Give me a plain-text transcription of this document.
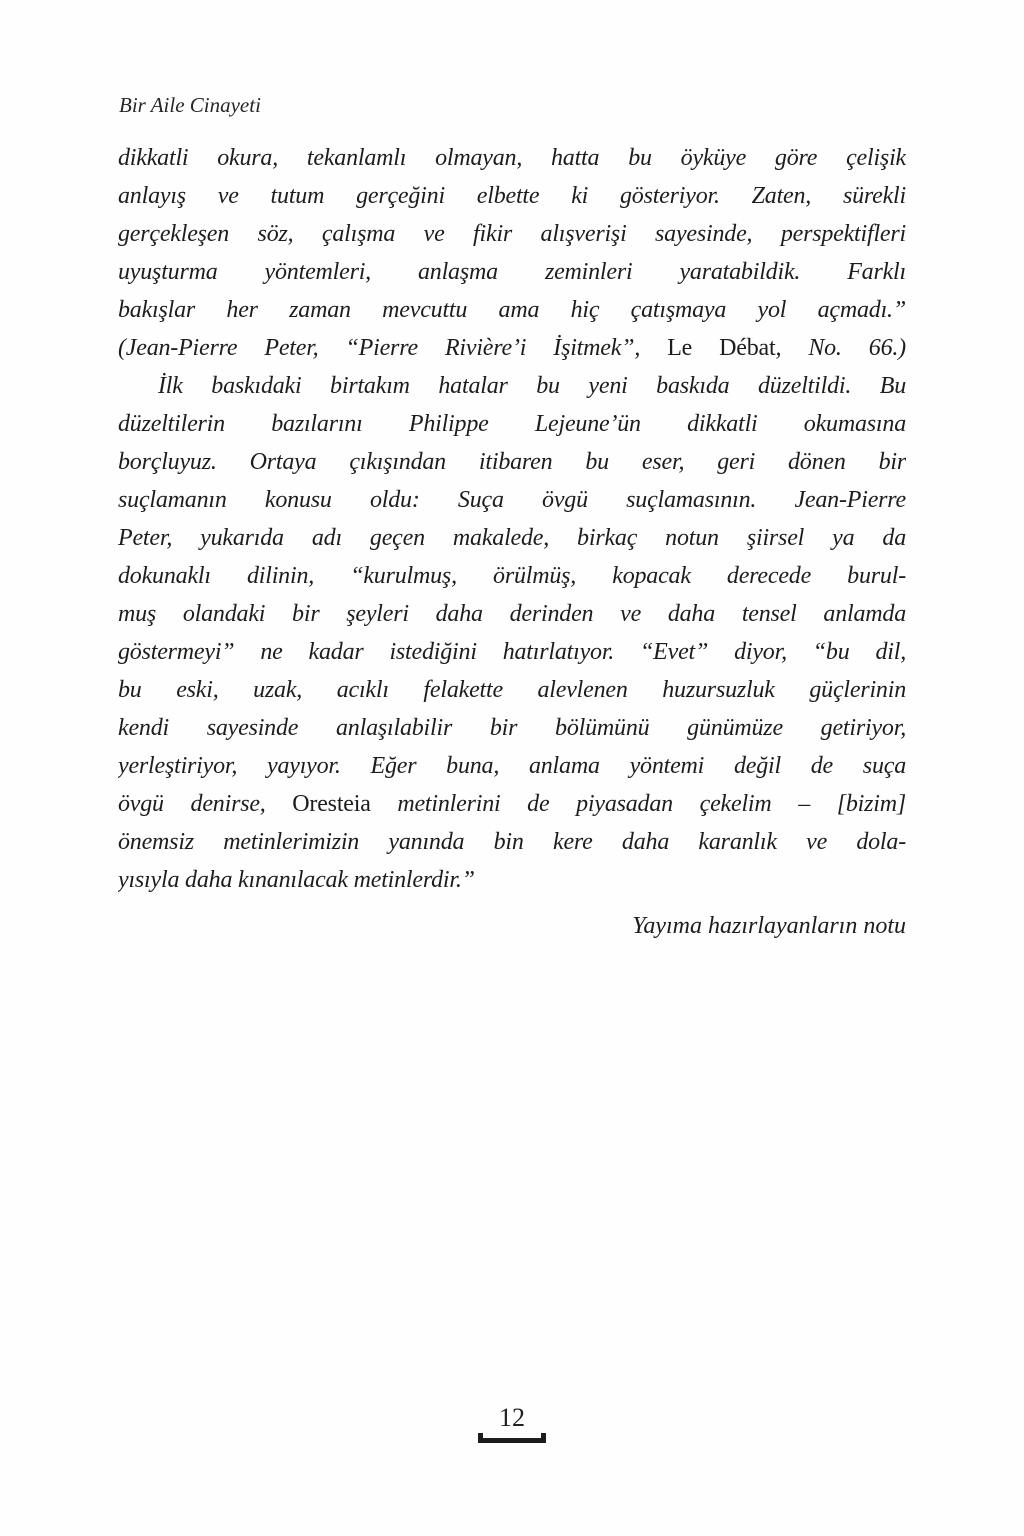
Bir Aile Cinayeti
dikkatli okura, tekanlamlı olmayan, hatta bu öyküye göre çelişik
anlayış ve tutum gerçeğini elbette ki gösteriyor. Zaten, sürekli
gerçekleşen söz, çalışma ve fikir alışverişi sayesinde, perspektifleri
uyuşturma yöntemleri, anlaşma zeminleri yaratabildik. Farklı
bakışlar her zaman mevcuttu ama hiç çatışmaya yol açmadı.”
(Jean-Pierre Peter, “Pierre Rivière’i İşitmek”, Le Débat, No. 66.)
İlk baskıdaki birtakım hatalar bu yeni baskıda düzeltildi. Bu
düzeltilerin bazılarını Philippe Lejeune’ün dikkatli okumasına
borçluyuz. Ortaya çıkışından itibaren bu eser, geri dönen bir
suçlamanın konusu oldu: Suça övgü suçlamasının. Jean-Pierre
Peter, yukarıda adı geçen makalede, birkaç notun şiirsel ya da
dokunaklı dilinin, “kurulmuş, örülmüş, kopacak derecede burul-
muş olandaki bir şeyleri daha derinden ve daha tensel anlamda
göstermeyi” ne kadar istediğini hatırlatıyor. “Evet” diyor, “bu dil,
bu eski, uzak, acıklı felakette alevlenen huzursuzluk güçlerinin
kendi sayesinde anlaşılabilir bir bölümünü günümüze getiriyor,
yerleştiriyor, yayıyor. Eğer buna, anlama yöntemi değil de suça
övgü denirse, Oresteia metinlerini de piyasadan çekelim – [bizim]
önemsiz metinlerimizin yanında bin kere daha karanlık ve dola-
yısıyla daha kınanılacak metinlerdir.”
Yayıma hazırlayanların notu
12
